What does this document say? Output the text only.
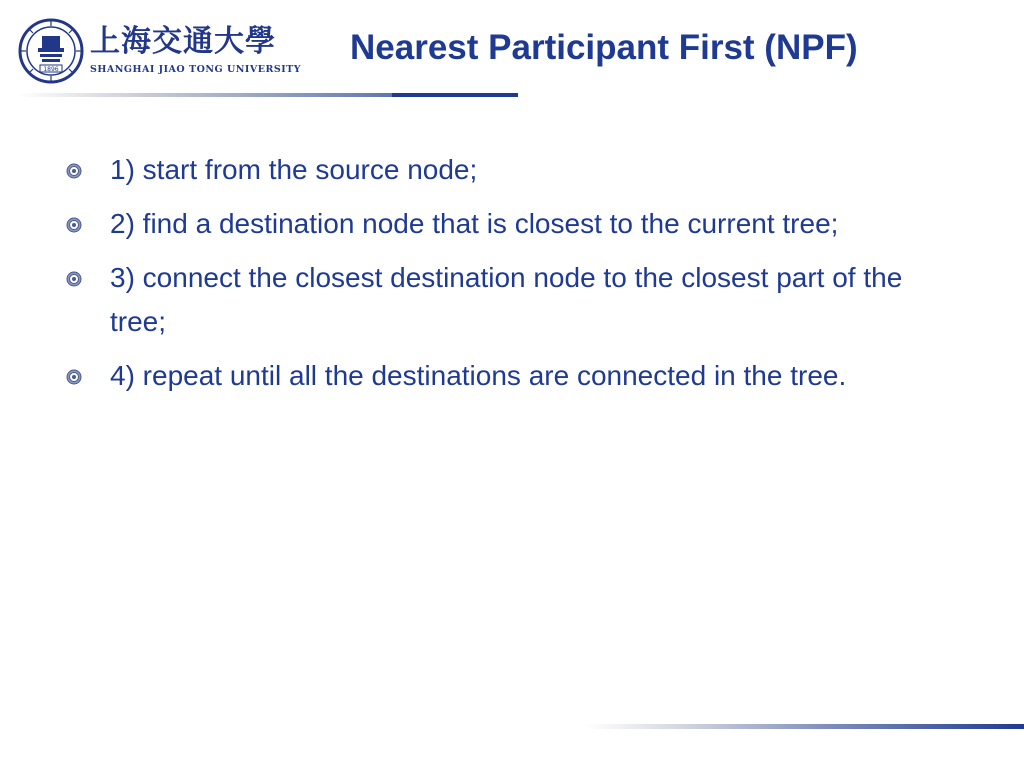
1896
上海交通大學
SHANGHAI JIAO TONG UNIVERSITY
Nearest Participant First (NPF)
1) start from the source node;
2) find a destination node that is closest to the current tree;
3) connect the closest destination node to the closest part of the tree;
4) repeat until all the destinations are connected in the tree.
